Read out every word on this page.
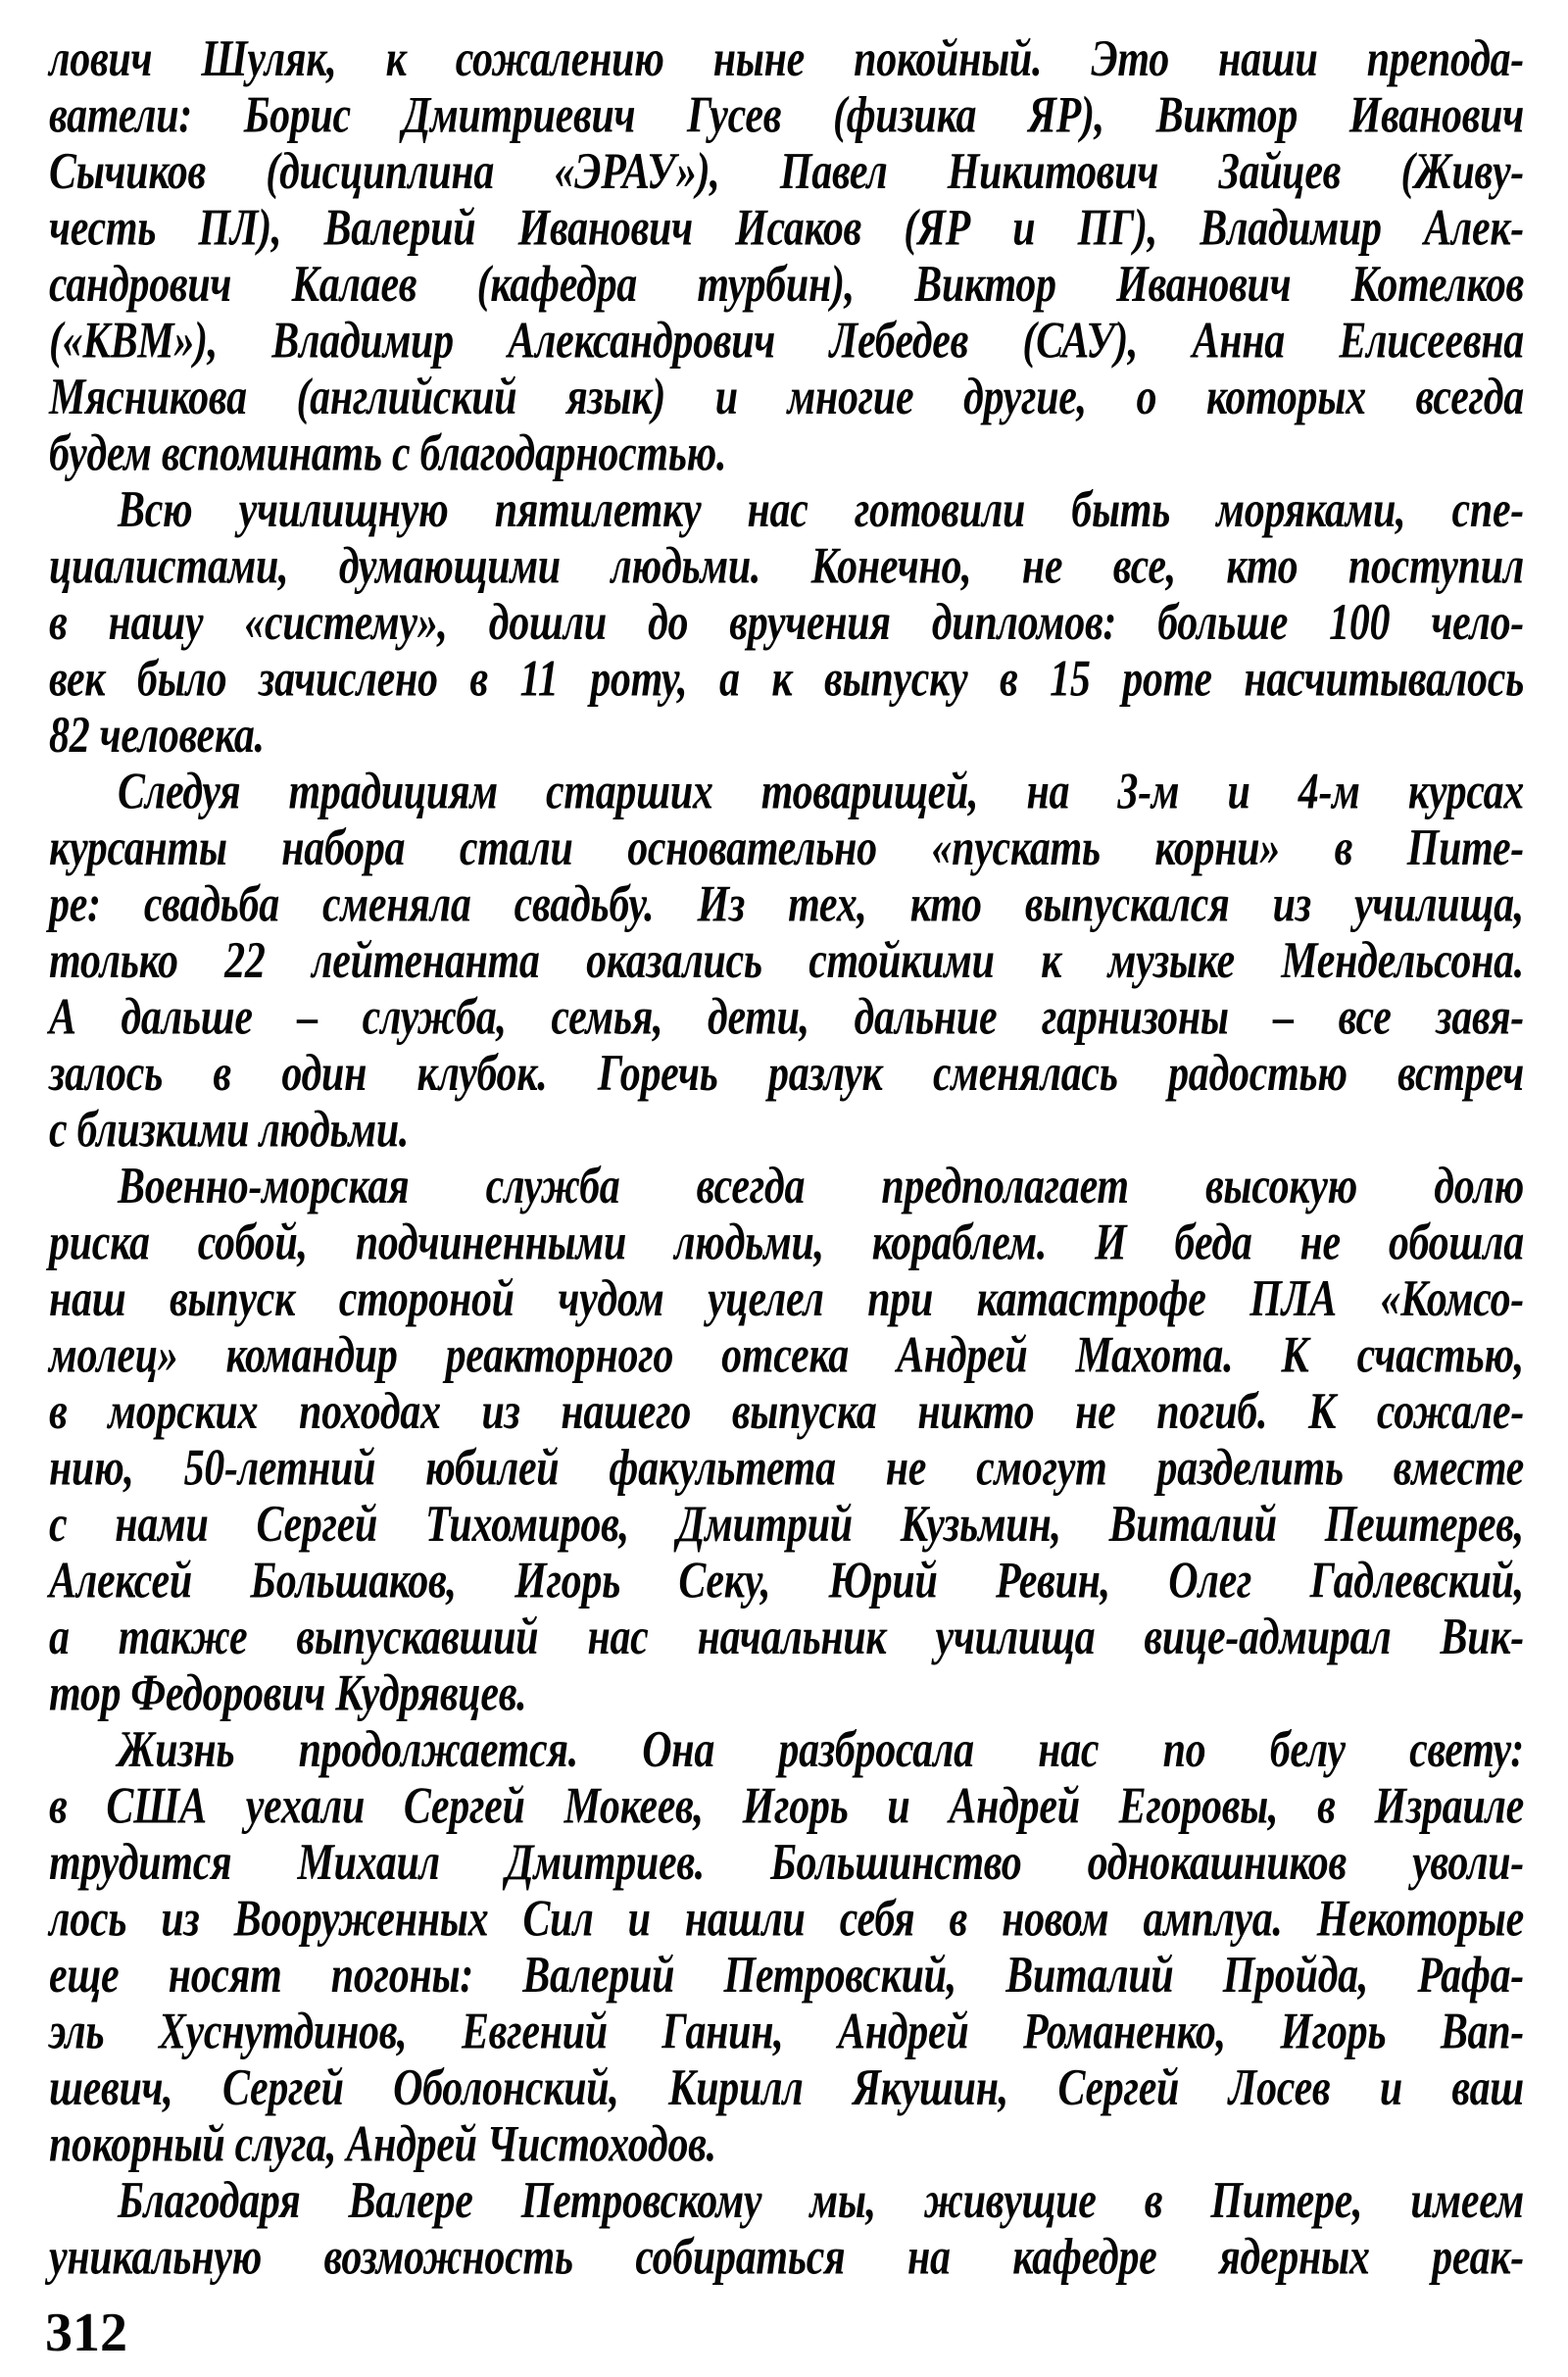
лович Шуляк, к сожалению ныне покойный. Это наши препода-
ватели: Борис Дмитриевич Гусев (физика ЯР), Виктор Иванович
Сычиков (дисциплина «ЭРАУ»), Павел Никитович Зайцев (Живу-
честь ПЛ), Валерий Иванович Исаков (ЯР и ПГ), Владимир Алек-
сандрович Калаев (кафедра турбин), Виктор Иванович Котелков
(«КВМ»), Владимир Александрович Лебедев (САУ), Анна Елисеевна
Мясникова (английский язык) и многие другие, о которых всегда
будем вспоминать с благодарностью.
Всю училищную пятилетку нас готовили быть моряками, спе-
циалистами, думающими людьми. Конечно, не все, кто поступил
в нашу «систему», дошли до вручения дипломов: больше 100 чело-
век было зачислено в 11 роту, а к выпуску в 15 роте насчитывалось
82 человека.
Следуя традициям старших товарищей, на 3-м и 4-м курсах
курсанты набора стали основательно «пускать корни» в Пите-
ре: свадьба сменяла свадьбу. Из тех, кто выпускался из училища,
только 22 лейтенанта оказались стойкими к музыке Мендельсона.
А дальше – служба, семья, дети, дальние гарнизоны – все завя-
залось в один клубок. Горечь разлук сменялась радостью встреч
с близкими людьми.
Военно-морская служба всегда предполагает высокую долю
риска собой, подчиненными людьми, кораблем. И беда не обошла
наш выпуск стороной чудом уцелел при катастрофе ПЛА «Комсо-
молец» командир реакторного отсека Андрей Махота. К счастью,
в морских походах из нашего выпуска никто не погиб. К сожале-
нию, 50-летний юбилей факультета не смогут разделить вместе
с нами Сергей Тихомиров, Дмитрий Кузьмин, Виталий Пештерев,
Алексей Большаков, Игорь Секу, Юрий Ревин, Олег Гадлевский,
а также выпускавший нас начальник училища вице-адмирал Вик-
тор Федорович Кудрявцев.
Жизнь продолжается. Она разбросала нас по белу свету:
в США уехали Сергей Мокеев, Игорь и Андрей Егоровы, в Израиле
трудится Михаил Дмитриев. Большинство однокашников уволи-
лось из Вооруженных Сил и нашли себя в новом амплуа. Некоторые
еще носят погоны: Валерий Петровский, Виталий Пройда, Рафа-
эль Хуснутдинов, Евгений Ганин, Андрей Романенко, Игорь Вап-
шевич, Сергей Оболонский, Кирилл Якушин, Сергей Лосев и ваш
покорный слуга, Андрей Чистоходов.
Благодаря Валере Петровскому мы, живущие в Питере, имеем
уникальную возможность собираться на кафедре ядерных реак-
312
